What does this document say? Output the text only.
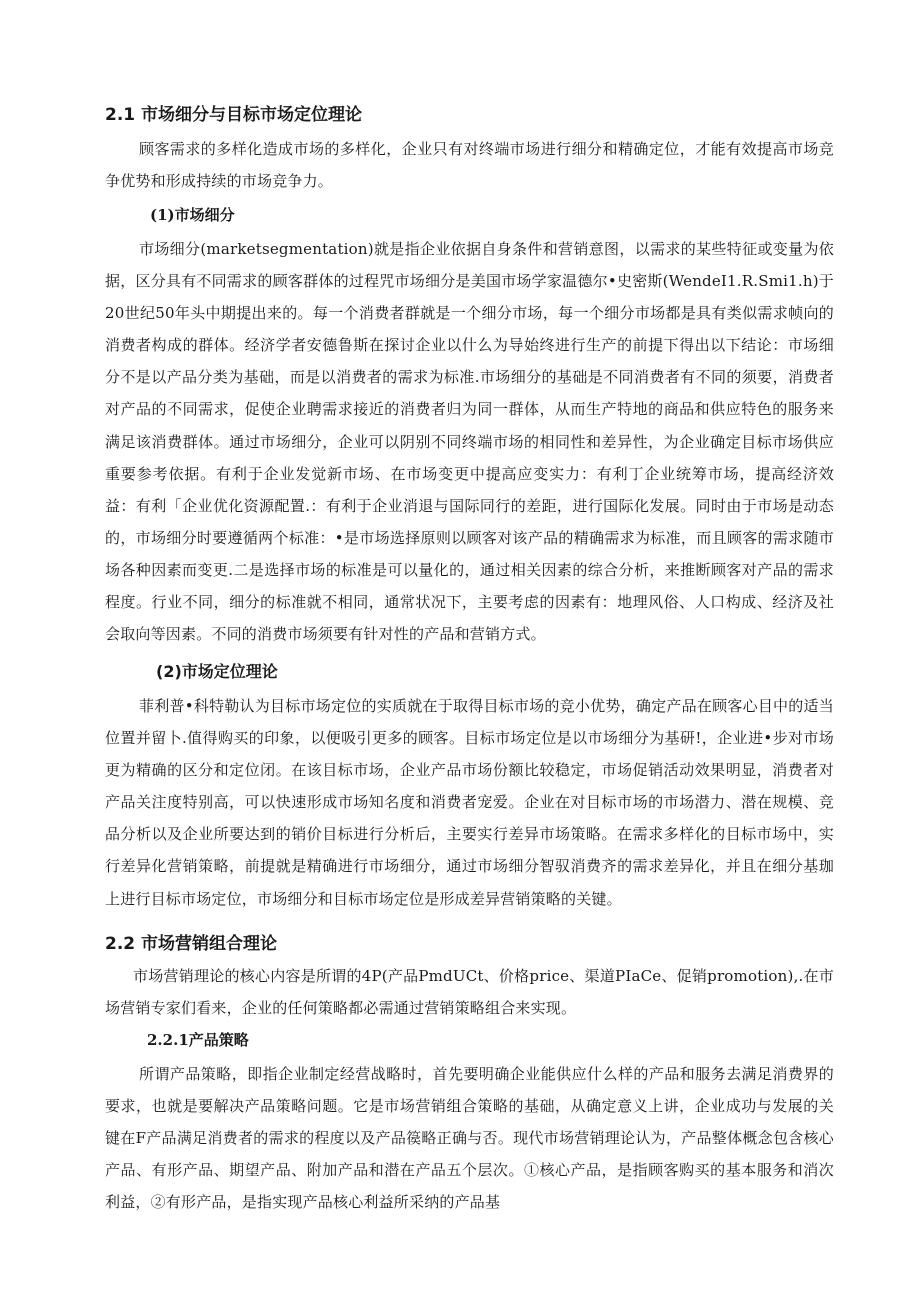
2.1 市场细分与目标市场定位理论

顾客需求的多样化造成市场的多样化，企业只有对终端市场进行细分和精确定位，才能有效提高市场竞争优势和形成持续的市场竞争力。

(1)市场细分

市场细分(marketsegmentation)就是指企业依据自身条件和营销意图，以需求的某些特征或变量为依据，区分具有不同需求的顾客群体的过程咒市场细分是美国市场学家温德尔•史密斯(WendeI1.R.Smi1.h)于20世纪50年头中期提出来的。每一个消费者群就是一个细分市场，每一个细分市场都是具有类似需求帧向的消费者构成的群体。经济学者安德鲁斯在探讨企业以什么为导始终进行生产的前提下得出以下结论：市场细分不是以产品分类为基础，而是以消费者的需求为标准.市场细分的基础是不同消费者有不同的须要，消费者对产品的不同需求，促使企业聘需求接近的消费者归为同一群体，从而生产特地的商品和供应特色的服务来满足该消费群体。通过市场细分，企业可以阴别不同终端市场的相同性和差异性，为企业确定目标市场供应重要参考依据。有利于企业发觉新市场、在市场变更中提高应变实力：有利丁企业统筹市场，提高经济效益：有利「企业优化资源配置.：有利于企业消退与国际同行的差距，进行国际化发展。同时由于市场是动态的，市场细分时要遵循两个标准：•是市场选择原则以顾客对该产品的精确需求为标准，而且顾客的需求随市场各种因素而变更.二是选择市场的标准是可以量化的，通过相关因素的综合分析，来推断顾客对产品的需求程度。行业不同，细分的标准就不相同，通常状况下，主要考虑的因素有：地理风俗、人口构成、经济及社会取向等因素。不同的消费市场须要有针对性的产品和营销方式。

(2)市场定位理论

菲利普•科特勒认为目标市场定位的实质就在于取得目标市场的竞小优势，确定产品在顾客心目中的适当位置并留卜.值得购买的印象，以便吸引更多的顾客。目标市场定位是以市场细分为基研!，企业进•步对市场更为精确的区分和定位闭。在该目标市场，企业产品市场份额比较稳定，市场促销活动效果明显，消费者对产品关注度特别高，可以快速形成市场知名度和消费者宠爱。企业在对目标市场的市场潜力、潜在规模、竞品分析以及企业所要达到的销价目标进行分析后，主要实行差异市场策略。在需求多样化的目标市场中，实行差异化营销策略，前提就是精确进行市场细分，通过市场细分智驭消费齐的需求差异化，并且在细分基珈上进行目标市场定位，市场细分和目标市场定位是形成差异营销策略的关键。

2.2 市场营销组合理论

市场营销理论的核心内容是所谓的4P(产品PmdUCt、价格price、渠道PIaCe、促销promotion),.在市场营销专家们看来，企业的任何策略都必需通过营销策略组合来实现。

2.2.1产品策略

所谓产品策略，即指企业制定经营战略时，首先要明确企业能供应什么样的产品和服务去满足消费界的要求，也就是要解决产品策略问题。它是市场营销组合策略的基础，从确定意义上讲，企业成功与发展的关键在F产品满足消费者的需求的程度以及产品篌略正确与否。现代市场营销理论认为，产品整体概念包含核心产品、有形产品、期望产品、附加产品和潜在产品五个层次。①核心产品，是指顾客购买的基本服务和消次利益，②有形产品，是指实现产品核心利益所采纳的产品基
